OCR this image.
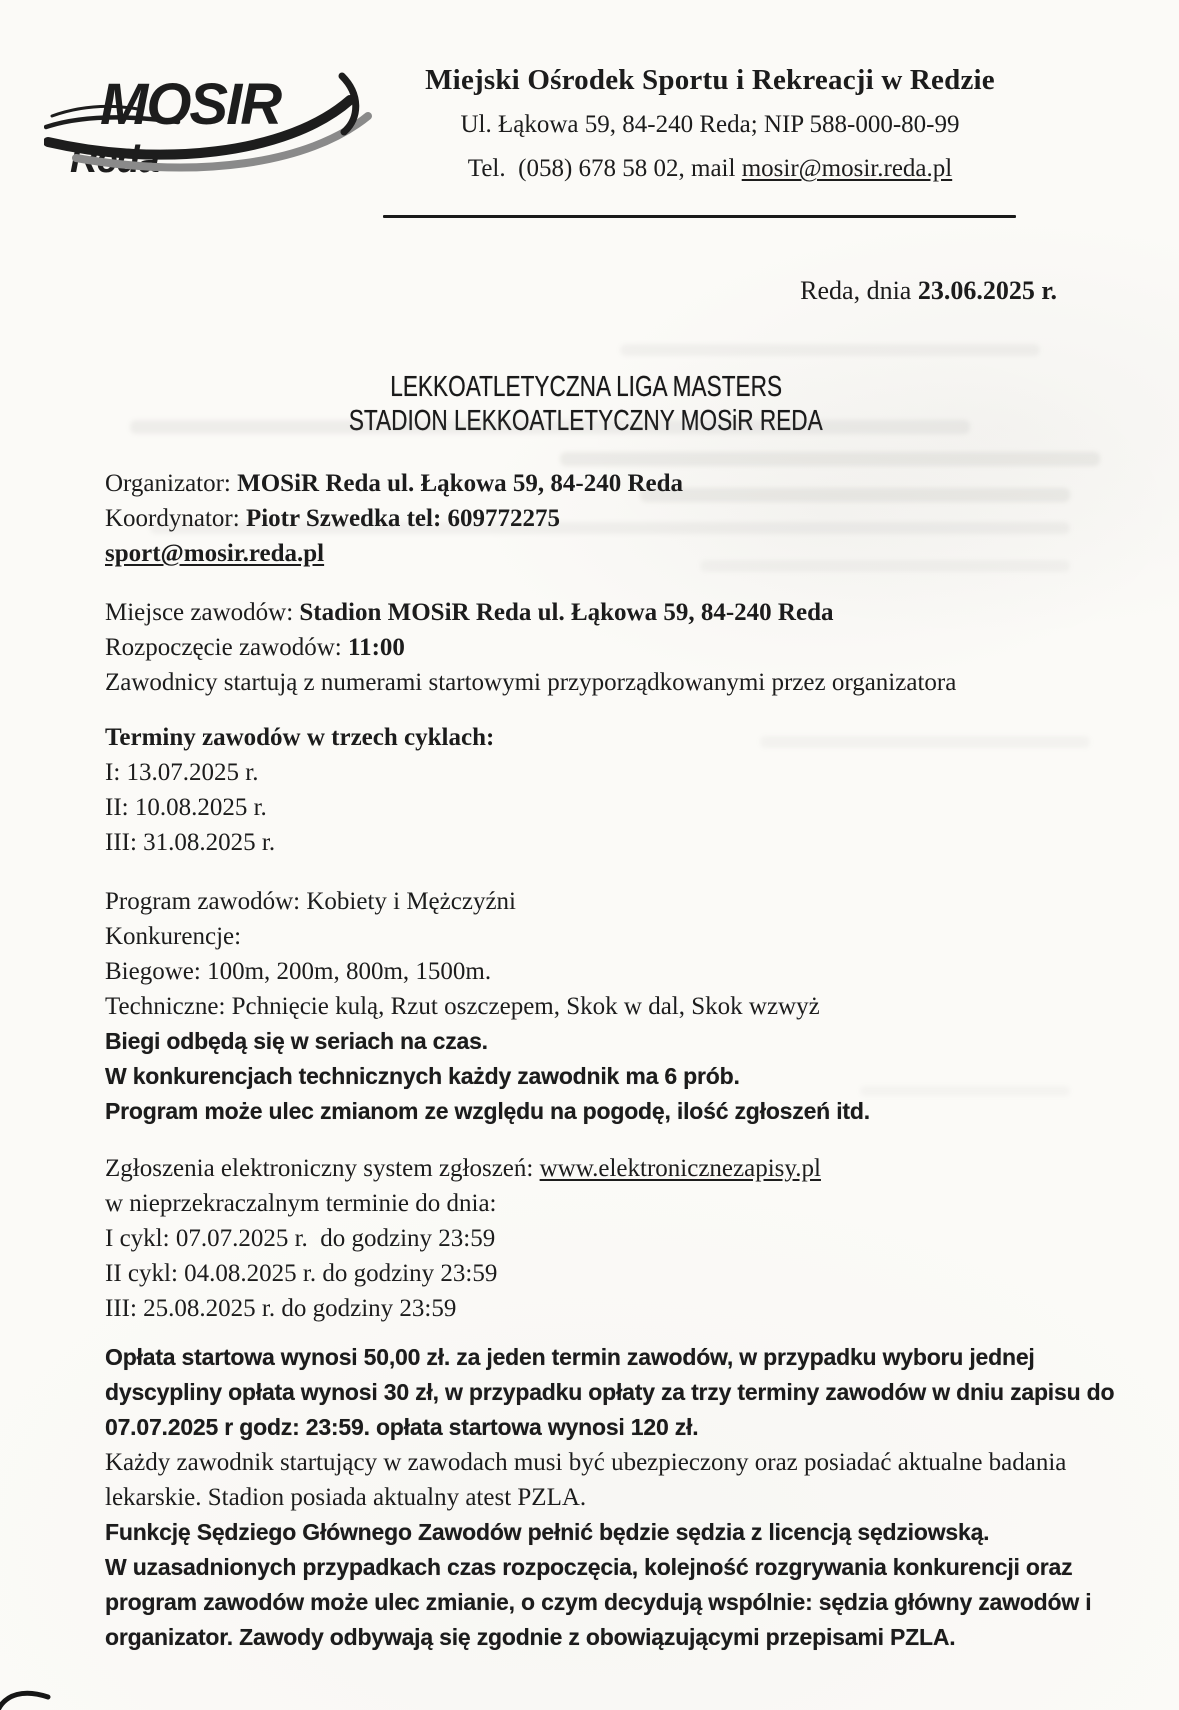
MOSIR
Reda
Miejski Ośrodek Sportu i Rekreacji w Redzie
Ul. Łąkowa 59, 84-240 Reda; NIP 588-000-80-99
Tel.  (058) 678 58 02, mail mosir@mosir.reda.pl
Reda, dnia 23.06.2025 r.
LEKKOATLETYCZNA LIGA MASTERS
STADION LEKKOATLETYCZNY MOSiR REDA
Organizator: MOSiR Reda ul. Łąkowa 59, 84-240 Reda
Koordynator: Piotr Szwedka tel: 609772275
sport@mosir.reda.pl
Miejsce zawodów: Stadion MOSiR Reda ul. Łąkowa 59, 84-240 Reda
Rozpoczęcie zawodów: 11:00
Zawodnicy startują z numerami startowymi przyporządkowanymi przez organizatora
Terminy zawodów w trzech cyklach:
I: 13.07.2025 r.
II: 10.08.2025 r.
III: 31.08.2025 r.
Program zawodów: Kobiety i Mężczyźni
Konkurencje:
Biegowe: 100m, 200m, 800m, 1500m.
Techniczne: Pchnięcie kulą, Rzut oszczepem, Skok w dal, Skok wzwyż
Biegi odbędą się w seriach na czas.
W konkurencjach technicznych każdy zawodnik ma 6 prób.
Program może ulec zmianom ze względu na pogodę, ilość zgłoszeń itd.
Zgłoszenia elektroniczny system zgłoszeń: www.elektronicznezapisy.pl
w nieprzekraczalnym terminie do dnia:
I cykl: 07.07.2025 r.  do godziny 23:59
II cykl: 04.08.2025 r. do godziny 23:59
III: 25.08.2025 r. do godziny 23:59
Opłata startowa wynosi 50,00 zł. za jeden termin zawodów, w przypadku wyboru jednej
dyscypliny opłata wynosi 30 zł, w przypadku opłaty za trzy terminy zawodów w dniu zapisu do
07.07.2025 r godz: 23:59. opłata startowa wynosi 120 zł.
Każdy zawodnik startujący w zawodach musi być ubezpieczony oraz posiadać aktualne badania
lekarskie. Stadion posiada aktualny atest PZLA.
Funkcję Sędziego Głównego Zawodów pełnić będzie sędzia z licencją sędziowską.
W uzasadnionych przypadkach czas rozpoczęcia, kolejność rozgrywania konkurencji oraz
program zawodów może ulec zmianie, o czym decydują wspólnie: sędzia główny zawodów i
organizator. Zawody odbywają się zgodnie z obowiązującymi przepisami PZLA.
